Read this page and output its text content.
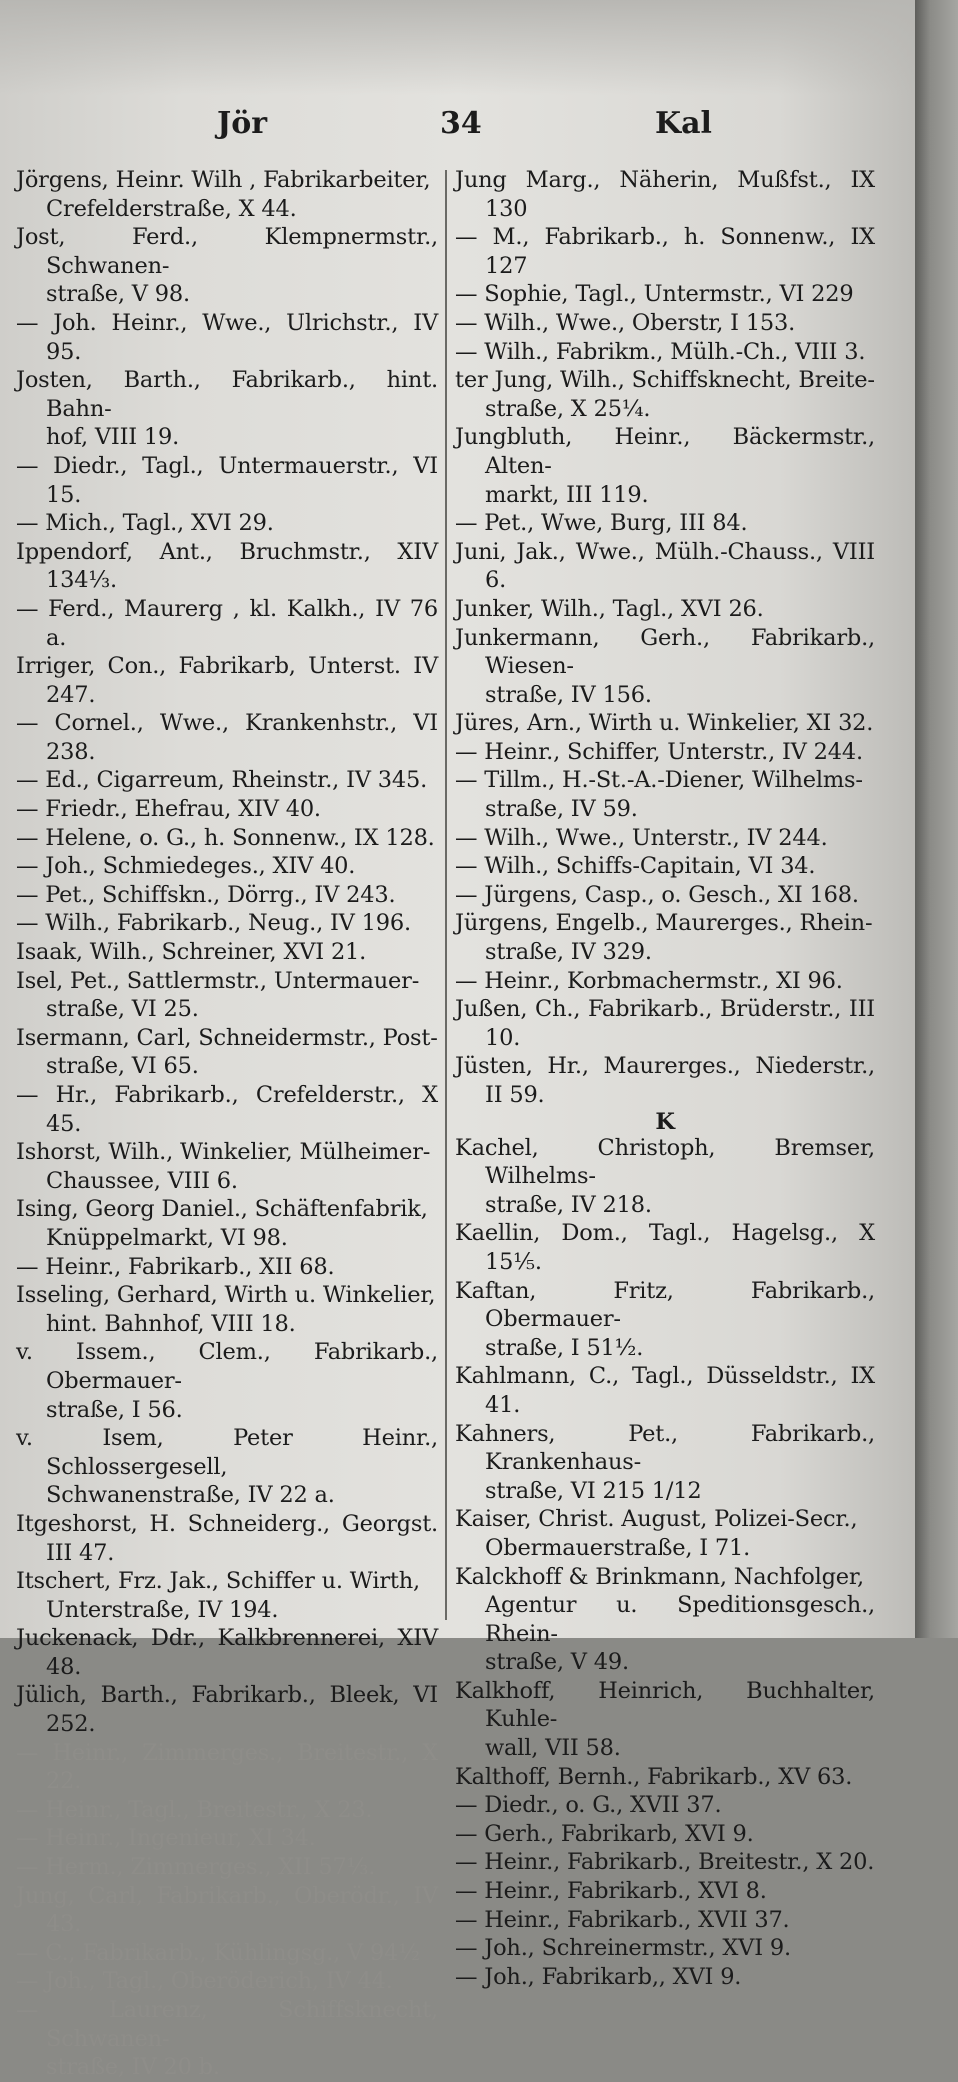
Jör	34	Kal
Jörgens, Heinr. Wilh , Fabrikarbeiter,
Crefelderstraße, X 44.
Jost, Ferd., Klempnermstr., Schwanen-
straße, V 98.
— Joh. Heinr., Wwe., Ulrichstr., IV 95.
Josten, Barth., Fabrikarb., hint. Bahn-
hof, VIII 19.
— Diedr., Tagl., Untermauerstr., VI 15.
— Mich., Tagl., XVI 29.
Ippendorf, Ant., Bruchmstr., XIV 134⅓.
— Ferd., Maurerg , kl. Kalkh., IV 76 a.
Irriger, Con., Fabrikarb, Unterst. IV 247.
— Cornel., Wwe., Krankenhstr., VI 238.
— Ed., Cigarreum, Rheinstr., IV 345.
— Friedr., Ehefrau, XIV 40.
— Helene, o. G., h. Sonnenw., IX 128.
— Joh., Schmiedeges., XIV 40.
— Pet., Schiffskn., Dörrg., IV 243.
— Wilh., Fabrikarb., Neug., IV 196.
Isaak, Wilh., Schreiner, XVI 21.
Isel, Pet., Sattlermstr., Untermauer-
straße, VI 25.
Isermann, Carl, Schneidermstr., Post-
straße, VI 65.
— Hr., Fabrikarb., Crefelderstr., X 45.
Ishorst, Wilh., Winkelier, Mülheimer-
Chaussee, VIII 6.
Ising, Georg Daniel., Schäftenfabrik,
Knüppelmarkt, VI 98.
— Heinr., Fabrikarb., XII 68.
Isseling, Gerhard, Wirth u. Winkelier,
hint. Bahnhof, VIII 18.
v. Issem., Clem., Fabrikarb., Obermauer-
straße, I 56.
v. Isem, Peter Heinr., Schlossergesell,
Schwanenstraße, IV 22 a.
Itgeshorst, H. Schneiderg., Georgst. III 47.
Itschert, Frz. Jak., Schiffer u. Wirth,
Unterstraße, IV 194.
Juckenack, Ddr., Kalkbrennerei, XIV 48.
Jülich, Barth., Fabrikarb., Bleek, VI 252.
— Heinr., Zimmerges., Breitestr., X 22.
— Heinr., Tagl., Breitestr., X 23.
— Heinr., Ingenieur, XI 34.
— Herm., Zimmerges., XII 57⅓.
Jung, Carl, Fabrikarb., Oberödr., IV 43.
— C., Fabrikarb., Kühlingsg., V 94½
— Joh., Tagl., Oberöderich, IV 44.
— Laurenz, Schiffsknecht, Schwanen-
straße, IV 20 b.
Jung Marg., Näherin, Mußfst., IX 130
— M., Fabrikarb., h. Sonnenw., IX 127
— Sophie, Tagl., Untermstr., VI 229
— Wilh., Wwe., Oberstr, I 153.
— Wilh., Fabrikm., Mülh.-Ch., VIII 3.
ter Jung, Wilh., Schiffsknecht, Breite-
straße, X 25¼.
Jungbluth, Heinr., Bäckermstr., Alten-
markt, III 119.
— Pet., Wwe, Burg, III 84.
Juni, Jak., Wwe., Mülh.-Chauss., VIII 6.
Junker, Wilh., Tagl., XVI 26.
Junkermann, Gerh., Fabrikarb., Wiesen-
straße, IV 156.
Jüres, Arn., Wirth u. Winkelier, XI 32.
— Heinr., Schiffer, Unterstr., IV 244.
— Tillm., H.-St.-A.-Diener, Wilhelms-
straße, IV 59.
— Wilh., Wwe., Unterstr., IV 244.
— Wilh., Schiffs-Capitain, VI 34.
— Jürgens, Casp., o. Gesch., XI 168.
Jürgens, Engelb., Maurerges., Rhein-
straße, IV 329.
— Heinr., Korbmachermstr., XI 96.
Jußen, Ch., Fabrikarb., Brüderstr., III 10.
Jüsten, Hr., Maurerges., Niederstr., II 59.
K
Kachel, Christoph, Bremser, Wilhelms-
straße, IV 218.
Kaellin, Dom., Tagl., Hagelsg., X 15⅕.
Kaftan, Fritz, Fabrikarb., Obermauer-
straße, I 51½.
Kahlmann, C., Tagl., Düsseldstr., IX 41.
Kahners, Pet., Fabrikarb., Krankenhaus-
straße, VI 215 1/12
Kaiser, Christ. August, Polizei-Secr.,
Obermauerstraße, I 71.
Kalckhoff & Brinkmann, Nachfolger,
Agentur u. Speditionsgesch., Rhein-
straße, V 49.
Kalkhoff, Heinrich, Buchhalter, Kuhle-
wall, VII 58.
Kalthoff, Bernh., Fabrikarb., XV 63.
— Diedr., o. G., XVII 37.
— Gerh., Fabrikarb, XVI 9.
— Heinr., Fabrikarb., Breitestr., X 20.
— Heinr., Fabrikarb., XVI 8.
— Heinr., Fabrikarb., XVII 37.
— Joh., Schreinermstr., XVI 9.
— Joh., Fabrikarb,, XVI 9.
